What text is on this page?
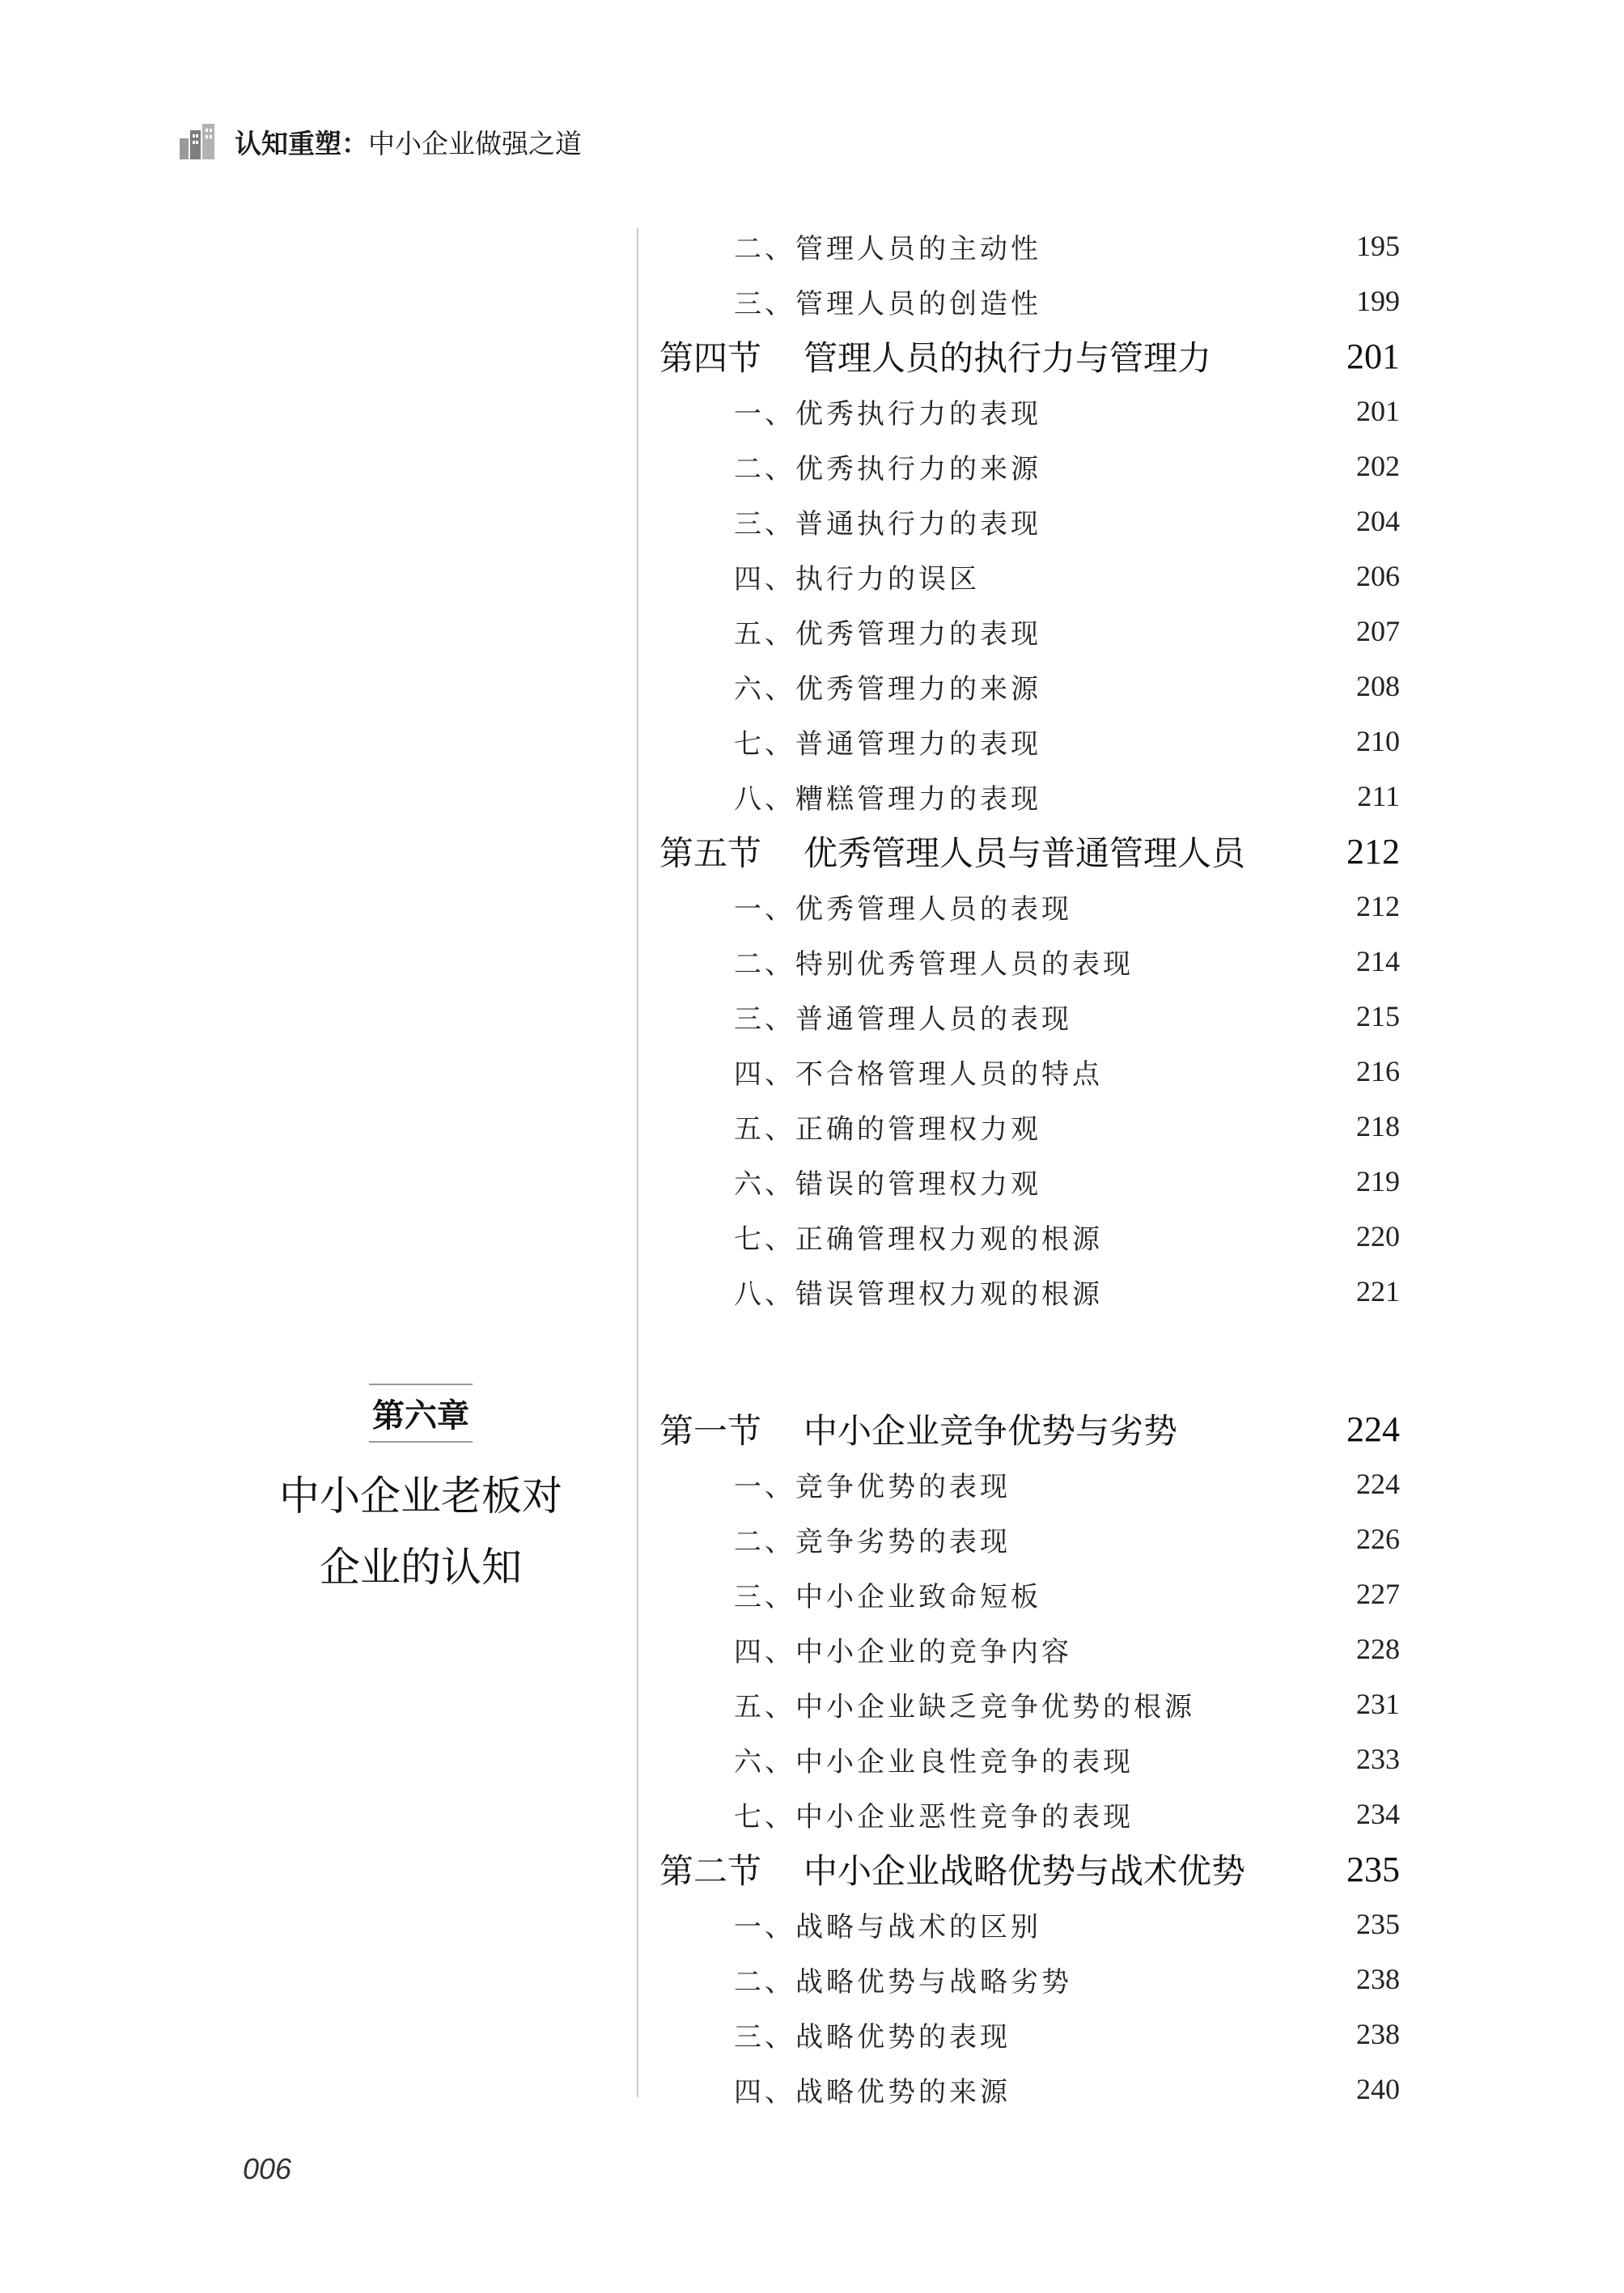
认知重塑： 中小企业做强之道
第六章
中小企业老板对
企业的认知
二、管理人员的主动性	195
三、管理人员的创造性	199
第四节 管理人员的执行力与管理力	201
一、优秀执行力的表现	201
二、优秀执行力的来源	202
三、普通执行力的表现	204
四、执行力的误区	206
五、优秀管理力的表现	207
六、优秀管理力的来源	208
七、普通管理力的表现	210
八、糟糕管理力的表现	211
第五节 优秀管理人员与普通管理人员	212
一、优秀管理人员的表现	212
二、特别优秀管理人员的表现	214
三、普通管理人员的表现	215
四、不合格管理人员的特点	216
五、正确的管理权力观	218
六、错误的管理权力观	219
七、正确管理权力观的根源	220
八、错误管理权力观的根源	221
第一节 中小企业竞争优势与劣势	224
一、竞争优势的表现	224
二、竞争劣势的表现	226
三、中小企业致命短板	227
四、中小企业的竞争内容	228
五、中小企业缺乏竞争优势的根源	231
六、中小企业良性竞争的表现	233
七、中小企业恶性竞争的表现	234
第二节 中小企业战略优势与战术优势	235
一、战略与战术的区别	235
二、战略优势与战略劣势	238
三、战略优势的表现	238
四、战略优势的来源	240
006
